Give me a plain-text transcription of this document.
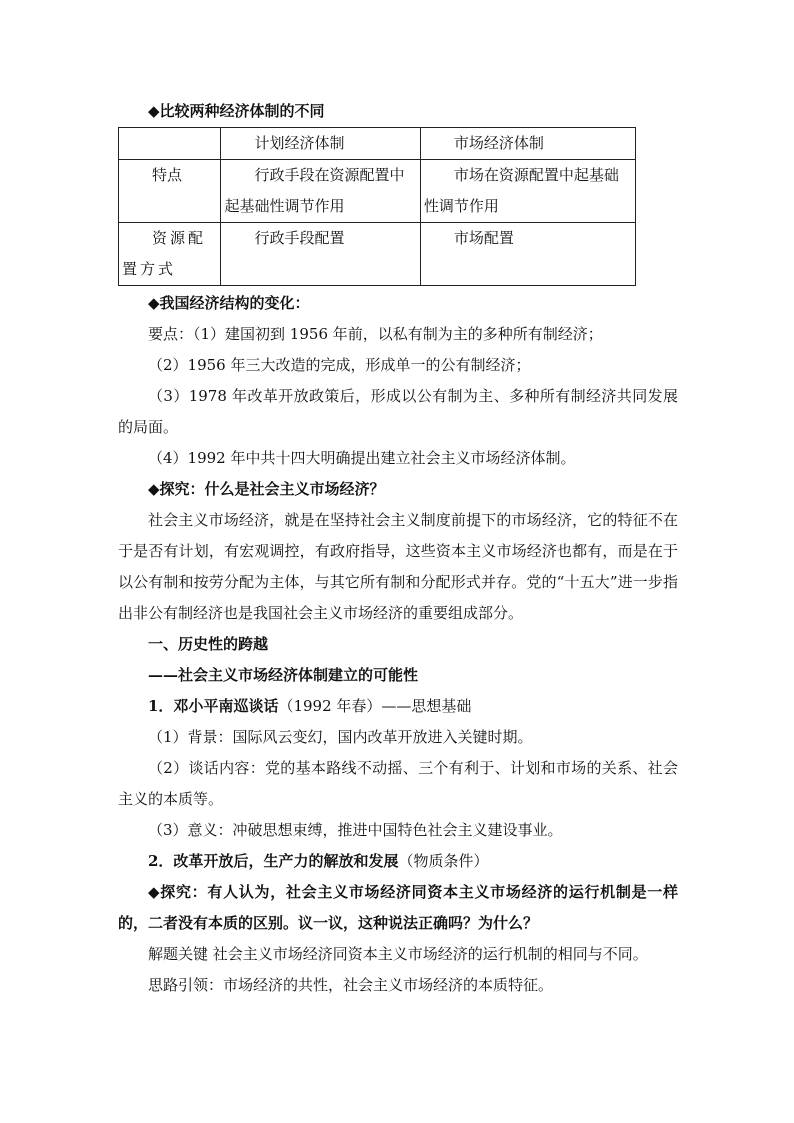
◆比较两种经济体制的不同
	计划经济体制	市场经济体制
特点	行政手段在资源配置中起基础性调节作用	市场在资源配置中起基础性调节作用
资源配置方式	行政手段配置	市场配置
◆我国经济结构的变化：
要点：（1）建国初到 1956 年前，以私有制为主的多种所有制经济；
（2）1956 年三大改造的完成，形成单一的公有制经济；

（3）1978 年改革开放政策后，形成以公有制为主、多种所有制经济共同发展的局面。

（4）1992 年中共十四大明确提出建立社会主义市场经济体制。
◆探究：什么是社会主义市场经济？

社会主义市场经济，就是在坚持社会主义制度前提下的市场经济，它的特征不在于是否有计划，有宏观调控，有政府指导，这些资本主义市场经济也都有，而是在于以公有制和按劳分配为主体，与其它所有制和分配形式并存。党的“十五大”进一步指出非公有制经济也是我国社会主义市场经济的重要组成部分。

一、历史性的跨越
——社会主义市场经济体制建立的可能性
1．邓小平南巡谈话（1992 年春）——思想基础
（1）背景：国际风云变幻，国内改革开放进入关键时期。

（2）谈话内容：党的基本路线不动摇、三个有利于、计划和市场的关系、社会主义的本质等。

（3）意义：冲破思想束缚，推进中国特色社会主义建设事业。
2．改革开放后，生产力的解放和发展（物质条件）

◆探究：有人认为，社会主义市场经济同资本主义市场经济的运行机制是一样的，二者没有本质的区别。议一议，这种说法正确吗？为什么？

解题关键 社会主义市场经济同资本主义市场经济的运行机制的相同与不同。
思路引领：市场经济的共性，社会主义市场经济的本质特征。
